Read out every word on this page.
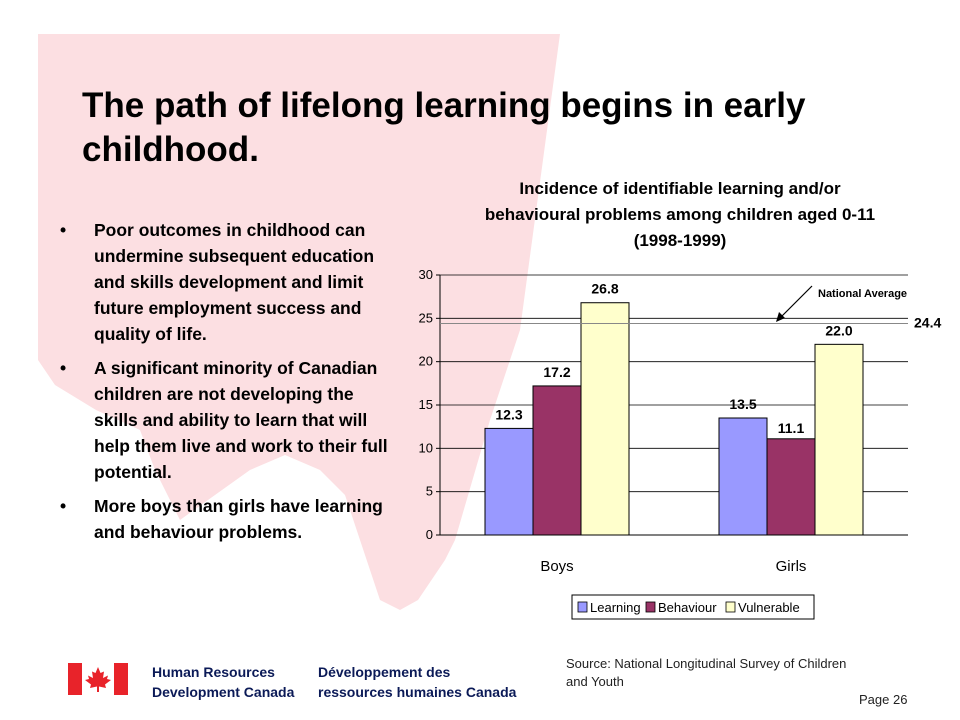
The path of lifelong learning begins in early childhood.
• Poor outcomes in childhood can undermine subsequent education and skills development and limit future employment success and quality of life.
• A significant minority of Canadian children are not developing the skills and ability to learn that will help them live and work to their full potential.
• More boys than girls have learning and behaviour problems.
Incidence of identifiable learning and/or behavioural problems among children aged 0-11 (1998-1999)
0
5
10
15
20
25
30
12.3
17.2
26.8
Boys
13.5
11.1
22.0
Girls
National Average
24.4
Learning Behaviour Vulnerable
Source: National Longitudinal Survey of Children and Youth
Page 26
Human Resources
Development Canada
Développement des
ressources humaines Canada
